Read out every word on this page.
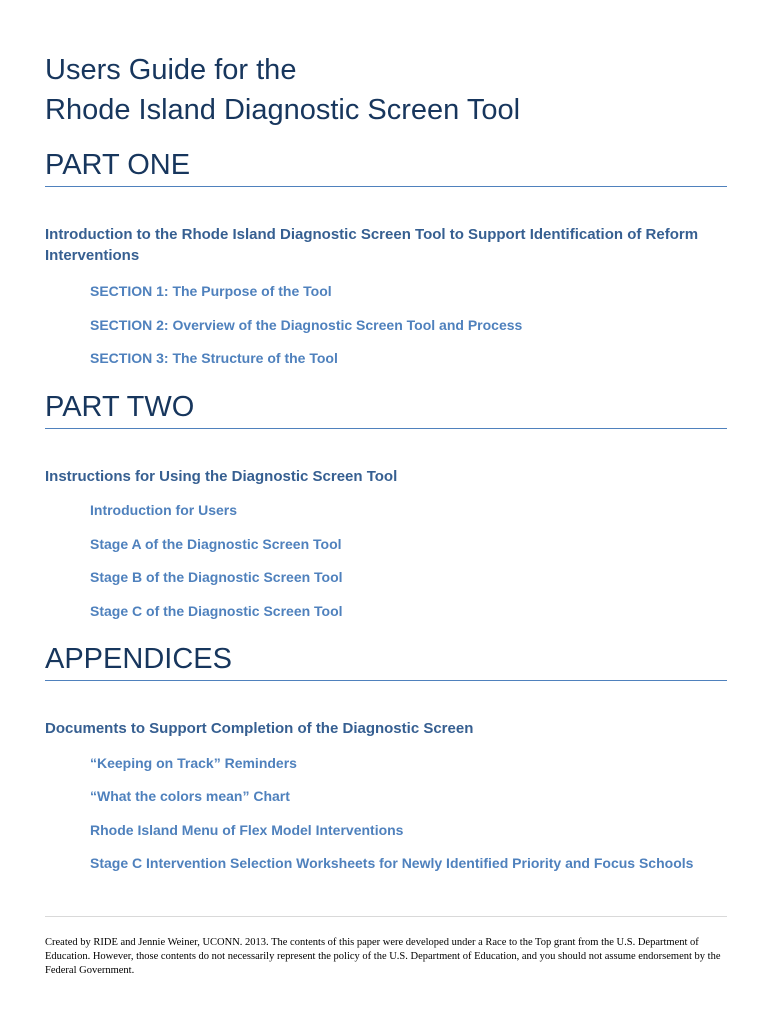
Users Guide for the
Rhode Island Diagnostic Screen Tool
PART ONE
Introduction to the Rhode Island Diagnostic Screen Tool to Support Identification of Reform Interventions
SECTION 1: The Purpose of the Tool
SECTION 2: Overview of the Diagnostic Screen Tool and Process
SECTION 3: The Structure of the Tool
PART TWO
Instructions for Using the Diagnostic Screen Tool
Introduction for Users
Stage A of the Diagnostic Screen Tool
Stage B of the Diagnostic Screen Tool
Stage C of the Diagnostic Screen Tool
APPENDICES
Documents to Support Completion of the Diagnostic Screen
“Keeping on Track” Reminders
“What the colors mean” Chart
Rhode Island Menu of Flex Model Interventions
Stage C Intervention Selection Worksheets for Newly Identified Priority and Focus Schools
Created by RIDE and Jennie Weiner, UCONN. 2013. The contents of this paper were developed under a Race to the Top grant from the U.S. Department of Education. However, those contents do not necessarily represent the policy of the U.S. Department of Education, and you should not assume endorsement by the Federal Government.
